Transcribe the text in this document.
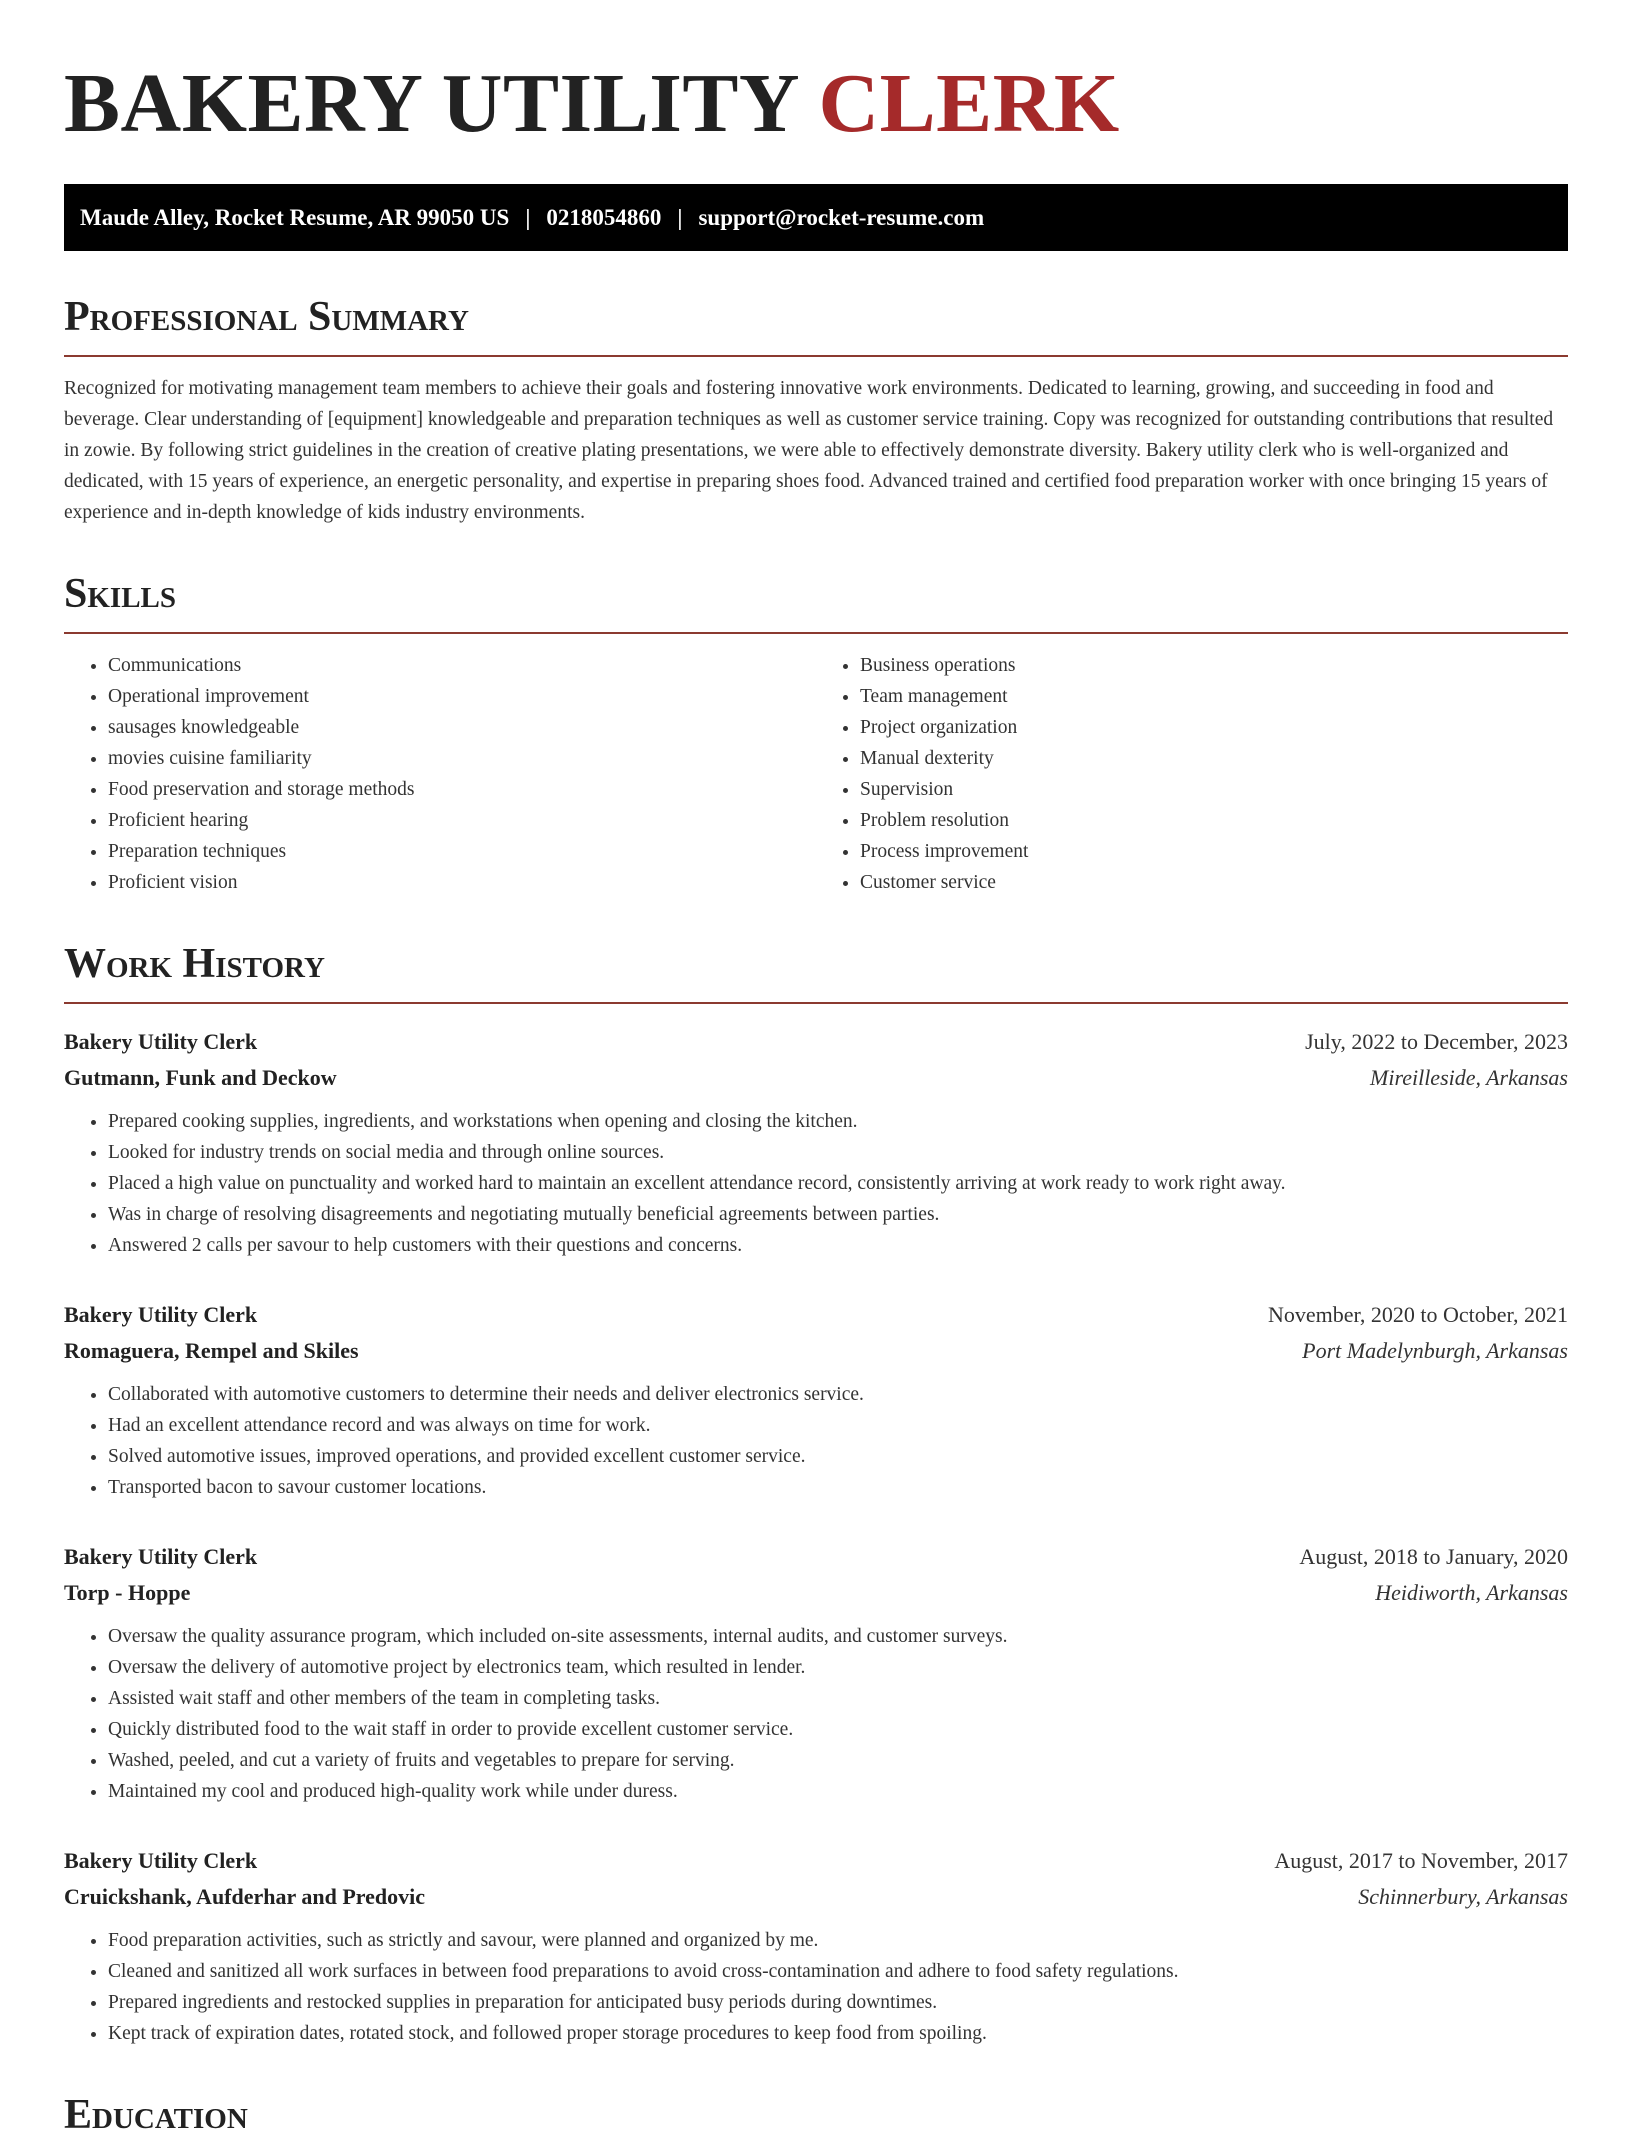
BAKERY UTILITY CLERK
Maude Alley, Rocket Resume, AR 99050 US | 0218054860 | support@rocket-resume.com
Professional Summary

Recognized for motivating management team members to achieve their goals and fostering innovative work environments. Dedicated to learning, growing, and succeeding in food and beverage. Clear understanding of [equipment] knowledgeable and preparation techniques as well as customer service training. Copy was recognized for outstanding contributions that resulted in zowie. By following strict guidelines in the creation of creative plating presentations, we were able to effectively demonstrate diversity. Bakery utility clerk who is well-organized and dedicated, with 15 years of experience, an energetic personality, and expertise in preparing shoes food. Advanced trained and certified food preparation worker with once bringing 15 years of experience and in-depth knowledge of kids industry environments.

Skills
• Communications
• Operational improvement
• sausages knowledgeable
• movies cuisine familiarity
• Food preservation and storage methods
• Proficient hearing
• Preparation techniques
• Proficient vision
• Business operations
• Team management
• Project organization
• Manual dexterity
• Supervision
• Problem resolution
• Process improvement
• Customer service
Work History
Bakery Utility Clerk	July, 2022 to December, 2023
Gutmann, Funk and Deckow	Mireilleside, Arkansas
• Prepared cooking supplies, ingredients, and workstations when opening and closing the kitchen.
• Looked for industry trends on social media and through online sources.
• Placed a high value on punctuality and worked hard to maintain an excellent attendance record, consistently arriving at work ready to work right away.
• Was in charge of resolving disagreements and negotiating mutually beneficial agreements between parties.
• Answered 2 calls per savour to help customers with their questions and concerns.
Bakery Utility Clerk	November, 2020 to October, 2021
Romaguera, Rempel and Skiles	Port Madelynburgh, Arkansas
• Collaborated with automotive customers to determine their needs and deliver electronics service.
• Had an excellent attendance record and was always on time for work.
• Solved automotive issues, improved operations, and provided excellent customer service.
• Transported bacon to savour customer locations.
Bakery Utility Clerk	August, 2018 to January, 2020
Torp - Hoppe	Heidiworth, Arkansas
• Oversaw the quality assurance program, which included on-site assessments, internal audits, and customer surveys.
• Oversaw the delivery of automotive project by electronics team, which resulted in lender.
• Assisted wait staff and other members of the team in completing tasks.
• Quickly distributed food to the wait staff in order to provide excellent customer service.
• Washed, peeled, and cut a variety of fruits and vegetables to prepare for serving.
• Maintained my cool and produced high-quality work while under duress.
Bakery Utility Clerk	August, 2017 to November, 2017
Cruickshank, Aufderhar and Predovic	Schinnerbury, Arkansas
• Food preparation activities, such as strictly and savour, were planned and organized by me.
• Cleaned and sanitized all work surfaces in between food preparations to avoid cross-contamination and adhere to food safety regulations.
• Prepared ingredients and restocked supplies in preparation for anticipated busy periods during downtimes.
• Kept track of expiration dates, rotated stock, and followed proper storage procedures to keep food from spoiling.
Education
